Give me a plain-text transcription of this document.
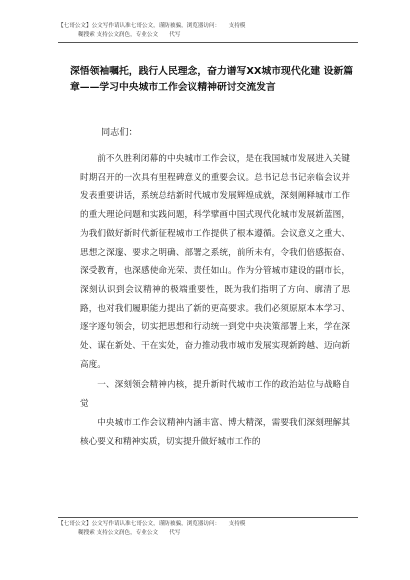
【七哥公文】公文写作请认准七哥公文，谨防被骗，浏览器访问：　　支持模
糊搜索 支持公文润色，专业公文　　代写
深悟领袖嘱托，践行人民理念，奋力谱写XX城市现代化建 设新篇章——学习中央城市工作会议精神研讨交流发言
同志们：

前不久胜利闭幕的中央城市工作会议，是在我国城市发展进入关键时期召开的一次具有里程碑意义的重要会议。总书记总书记亲临会议并发表重要讲话，系统总结新时代城市发展辉煌成就，深刻阐释城市工作的重大理论问题和实践问题，科学擘画中国式现代化城市发展新蓝图，为我们做好新时代新征程城市工作提供了根本遵循。会议意义之重大、思想之深邃、要求之明确、部署之系统，前所未有，令我们倍感振奋、深受教育，也深感使命光荣、责任如山。作为分管城市建设的副市长，深刻认识到会议精神的极端重要性，既为我们指明了方向、廓清了思路，也对我们履职能力提出了新的更高要求。我们必须原原本本学习、逐字逐句领会，切实把思想和行动统一到党中央决策部署上来，学在深处、谋在新处、干在实处，奋力推动我市城市发展实现新跨越、迈向新高度。

一、深刻领会精神内核，提升新时代城市工作的政治站位与战略自觉

中央城市工作会议精神内涵丰富、博大精深，需要我们深刻理解其核心要义和精神实质，切实提升做好城市工作的

【七哥公文】公文写作请认准七哥公文，谨防被骗，浏览器访问：　　支持模
糊搜索 支持公文润色，专业公文　　代写
